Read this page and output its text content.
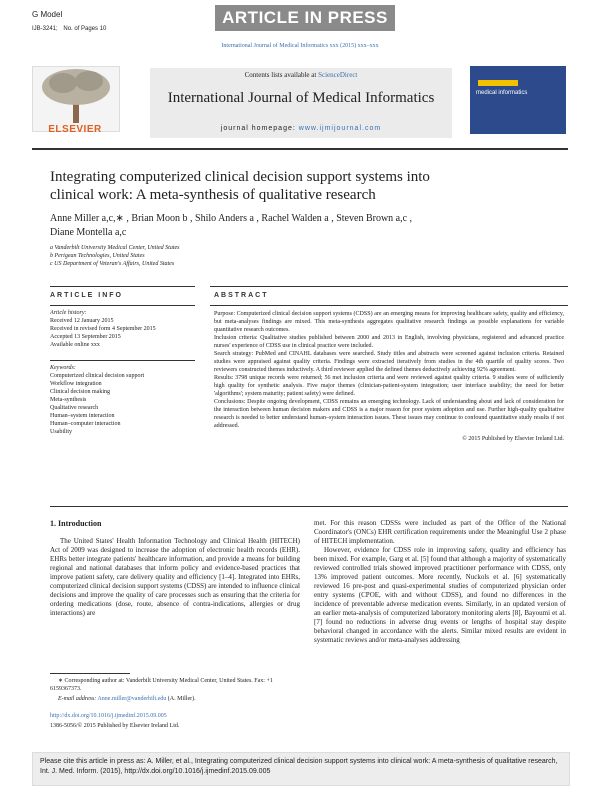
G Model
IJB-3241; No. of Pages 10
ARTICLE IN PRESS
International Journal of Medical Informatics xxx (2015) xxx–xxx
ELSEVIER
Contents lists available at ScienceDirect
International Journal of Medical Informatics
journal homepage: www.ijmijournal.com
medical informatics
Integrating computerized clinical decision support systems into
clinical work: A meta-synthesis of qualitative research
Anne Miller a,c,∗ , Brian Moon b , Shilo Anders a , Rachel Walden a , Steven Brown a,c ,
Diane Montella a,c
a Vanderbilt University Medical Center, United States
b Perigean Technologies, United States
c US Department of Veteran's Affairs, United States
ARTICLE INFO
Article history:
Received 12 January 2015
Received in revised form 4 September 2015
Accepted 13 September 2015
Available online xxx
Keywords:
Computerized clinical decision support
Workflow integration
Clinical decision making
Meta-synthesis
Qualitative research
Human–system interaction
Human–computer interaction
Usability
ABSTRACT

Purpose: Computerized clinical decision support systems (CDSS) are an emerging means for improving healthcare safety, quality and efficiency, but meta-analyses findings are mixed. This meta-synthesis aggregates qualitative research findings as possible explanations for variable quantitative research outcomes.

Inclusion criteria: Qualitative studies published between 2000 and 2013 in English, involving physicians, registered and advanced practice nurses' experience of CDSS use in clinical practice were included.

Search strategy: PubMed and CINAHL databases were searched. Study titles and abstracts were screened against inclusion criteria. Retained studies were appraised against quality criteria. Findings were extracted iteratively from studies in the 4th quartile of quality scores. Two reviewers constructed themes inductively. A third reviewer applied the defined themes deductively achieving 92% agreement.

Results: 3798 unique records were returned; 56 met inclusion criteria and were reviewed against quality criteria. 9 studies were of sufficiently high quality for synthetic analysis. Five major themes (clinician-patient-system integration; user interface usability; the need for better 'algorithms'; system maturity; patient safety) were defined.

Conclusions: Despite ongoing development, CDSS remains an emerging technology. Lack of understanding about and lack of consideration for the interaction between human decision makers and CDSS is a major reason for poor system adoption and use. Further high-quality qualitative research is needed to better understand human–system interaction issues. These issues may continue to confound quantitative study results if not addressed.

© 2015 Published by Elsevier Ireland Ltd.

1. Introduction

The United States' Health Information Technology and Clinical Health (HITECH) Act of 2009 was designed to increase the adoption of electronic health records (EHR). EHRs better integrate patients' healthcare information, and provide a means for building regional and national databases that inform policy and evidence-based practices that improve patient safety, care delivery quality and efficiency [1–4]. Integrated into EHRs, computerized clinical decision support systems (CDSS) are intended to influence clinical decisions and improve the quality of care processes such as ensuring that the criteria for ordering medications (dose, route, absence of contra-indications, allergies or drug interactions) are

met. For this reason CDSSs were included as part of the Office of the National Coordinator's (ONCs) EHR certification requirements under the Meaningful Use 2 phase of HITECH implementation.

However, evidence for CDSS role in improving safety, quality and efficiency has been mixed. For example, Garg et al. [5] found that although a majority of systematically reviewed controlled trials showed improved practitioner performance with CDSS, only 13% improved patient outcomes. More recently, Nuckols et al. [6] systematically reviewed 16 pre-post and quasi-experimental studies of computerized physician order entry systems (CPOE, with and without CDSS), and found no differences in the incidence of preventable adverse medication events. Similarly, in an updated version of an earlier meta-analysis of computerized laboratory monitoring alerts [8], Bayoumi et al. [7] found no reductions in adverse drug events or lengths of hospital stay despite behavioral changed in accordance with the alerts. Similar mixed results are evident in systematic reviews and/or meta-analyses addressing

∗ Corresponding author at: Vanderbilt University Medical Center, United States. Fax: +1 6159367373.
E-mail address: Anne.miller@vanderbilt.edu (A. Miller).
http://dx.doi.org/10.1016/j.ijmedinf.2015.09.005
1386-5056/© 2015 Published by Elsevier Ireland Ltd.
Please cite this article in press as: A. Miller, et al., Integrating computerized clinical decision support systems into clinical work: A meta-synthesis of qualitative research, Int. J. Med. Inform. (2015), http://dx.doi.org/10.1016/j.ijmedinf.2015.09.005
